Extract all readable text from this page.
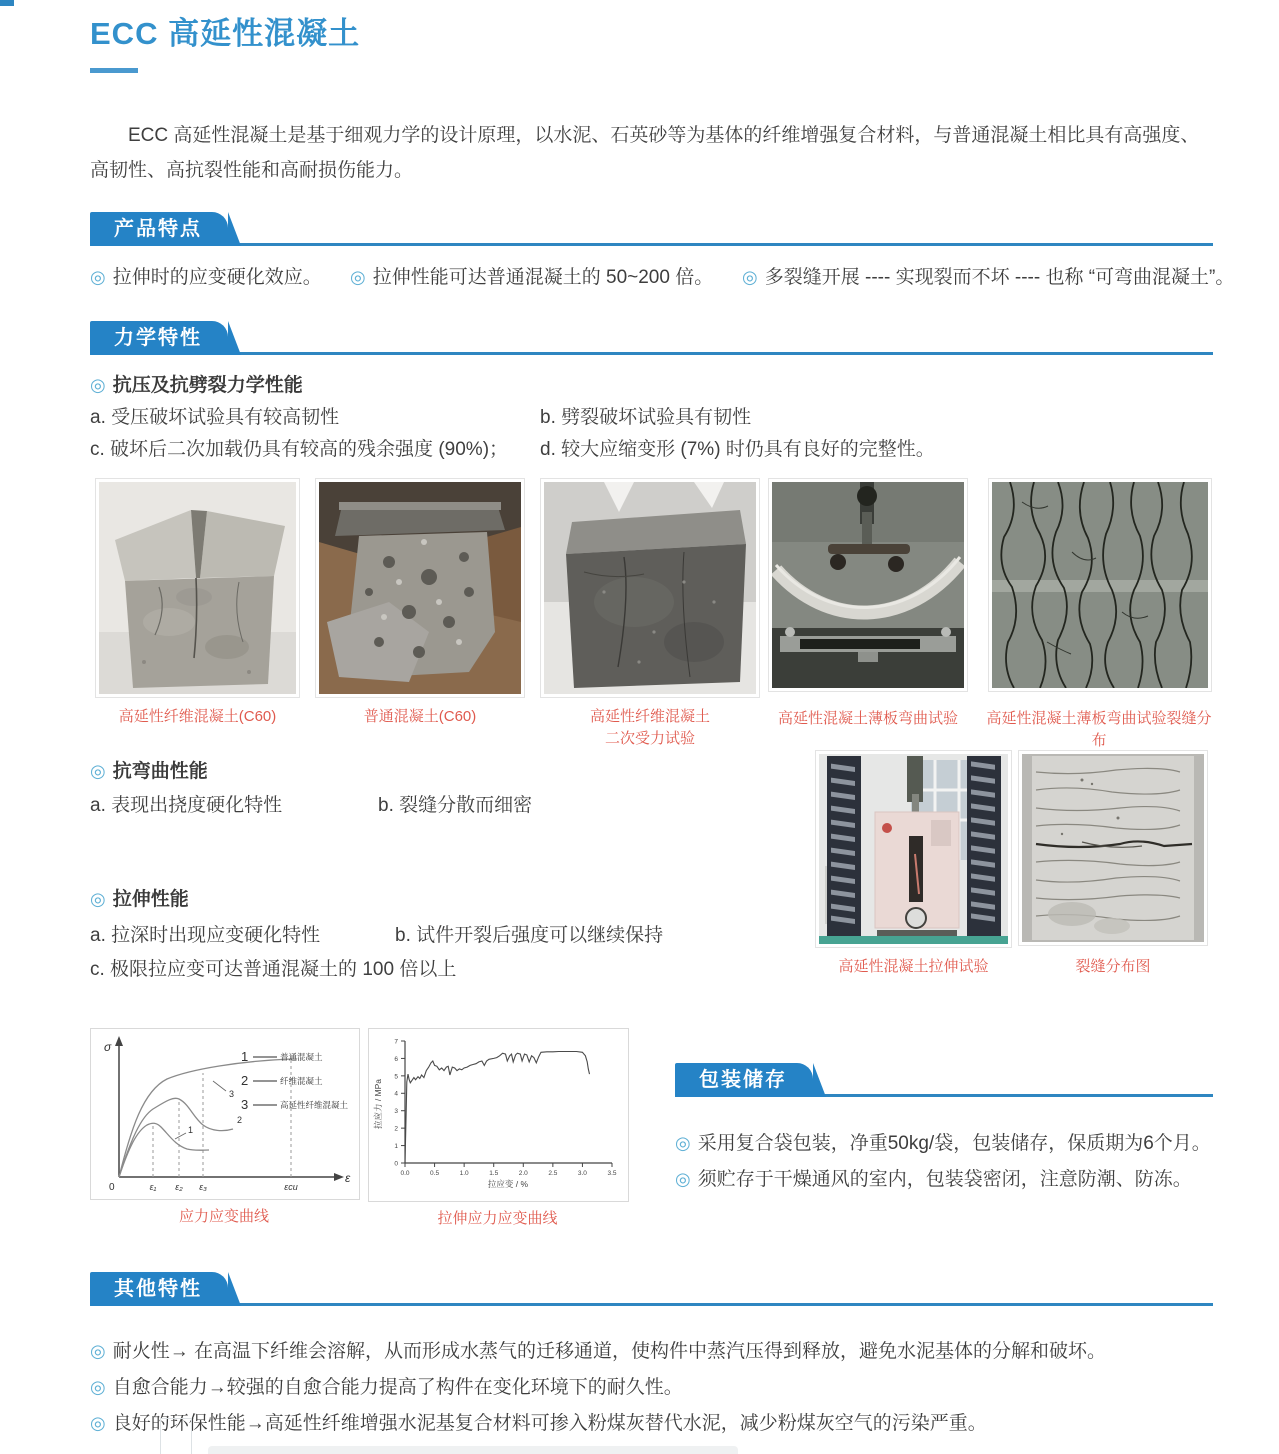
ECC 高延性混凝土

ECC 高延性混凝土是基于细观力学的设计原理，以水泥、石英砂等为基体的纤维增强复合材料，与普通混凝土相比具有高强度、高韧性、高抗裂性能和高耐损伤能力。

产品特点
◎ 拉伸时的应变硬化效应。 ◎ 拉伸性能可达普通混凝土的 50~200 倍。 ◎ 多裂缝开展 ---- 实现裂而不坏 ---- 也称 “可弯曲混凝土”。
力学特性
◎ 抗压及抗劈裂力学性能
a. 受压破坏试验具有较高韧性	b. 劈裂破坏试验具有韧性
c. 破坏后二次加载仍具有较高的残余强度 (90%)； d. 较大应缩变形 (7%) 时仍具有良好的完整性。
高延性纤维混凝土(C60)	普通混凝土(C60)	高延性纤维混凝土
二次受力试验
高延性混凝土薄板弯曲试验	高延性混凝土薄板弯曲试验裂缝分布
◎ 抗弯曲性能
a. 表现出挠度硬化特性	b. 裂缝分散而细密
◎ 拉伸性能
a. 拉深时出现应变硬化特性	b. 试件开裂后强度可以继续保持
c. 极限拉应变可达普通混凝土的 100 倍以上	高延性混凝土拉伸试验	裂缝分布图
σ
ε
0	ε₁ ε₂ ε₃	εcu
3
2
1
1	普通混凝土
2	纤维混凝土
3	高延性纤维混凝土
应力应变曲线
0.0	0.5	1.0	1.5	2.0	2.5	3.0	3.5
0
1
2
3
4
5
6
7
拉应变 / %
拉应力 / MPa
拉伸应力应变曲线
包装储存
◎ 采用复合袋包装，净重50kg/袋，包装储存，保质期为6个月。
◎ 须贮存于干燥通风的室内，包装袋密闭，注意防潮、防冻。
其他特性
◎ 耐火性→ 在高温下纤维会溶解，从而形成水蒸气的迁移通道，使构件中蒸汽压得到释放，避免水泥基体的分解和破坏。
◎ 自愈合能力→较强的自愈合能力提高了构件在变化环境下的耐久性。
◎ 良好的环保性能→高延性纤维增强水泥基复合材料可掺入粉煤灰替代水泥，减少粉煤灰空气的污染严重。
